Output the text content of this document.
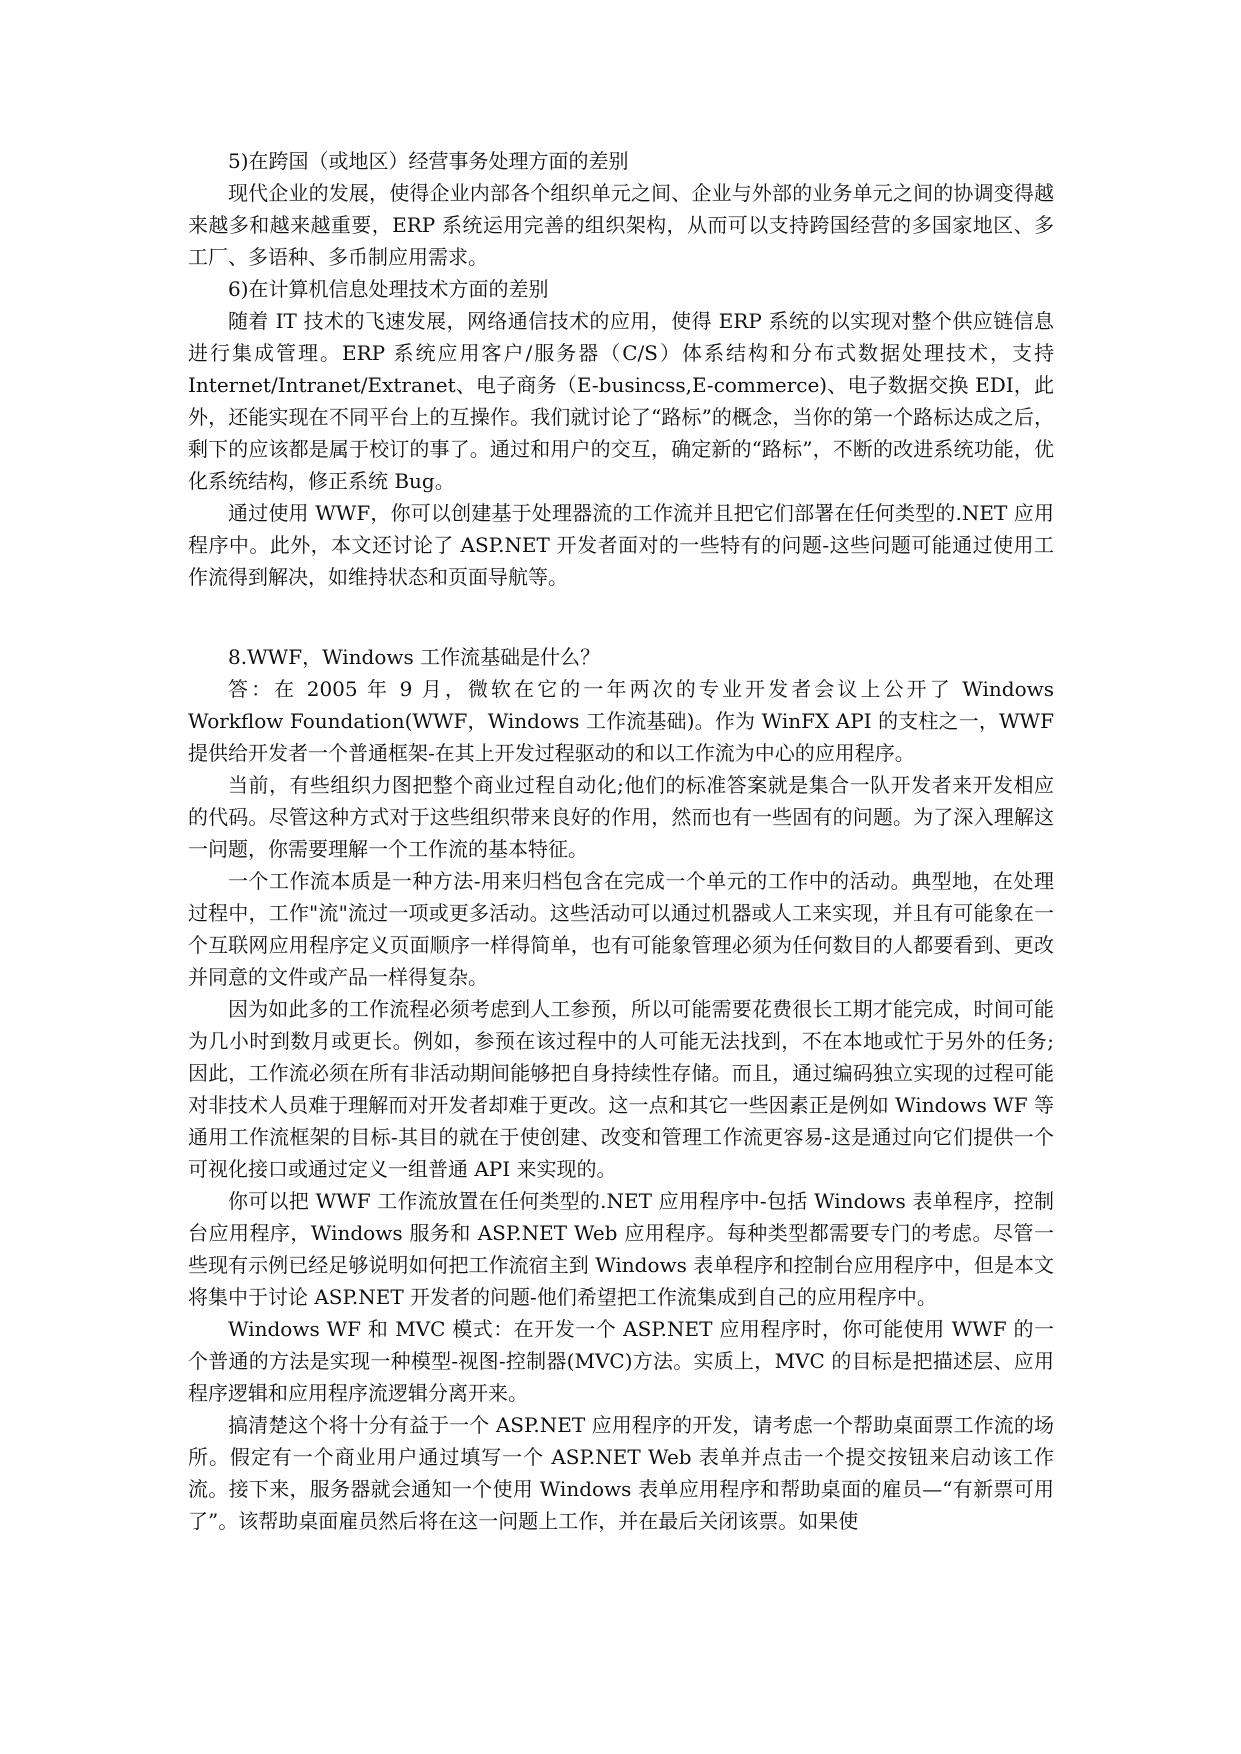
5)在跨国（或地区）经营事务处理方面的差别

现代企业的发展，使得企业内部各个组织单元之间、企业与外部的业务单元之间的协调变得越来越多和越来越重要，ERP 系统运用完善的组织架构，从而可以支持跨国经营的多国家地区、多工厂、多语种、多币制应用需求。

6)在计算机信息处理技术方面的差别

随着 IT 技术的飞速发展，网络通信技术的应用，使得 ERP 系统的以实现对整个供应链信息进行集成管理。ERP 系统应用客户/服务器（C/S）体系结构和分布式数据处理技术，支持 Internet/Intranet/Extranet、电子商务（E-businсss,E-commerce)、电子数据交换 EDI，此外，还能实现在不同平台上的互操作。我们就讨论了“路标”的概念，当你的第一个路标达成之后，剩下的应该都是属于校订的事了。通过和用户的交互，确定新的“路标”，不断的改进系统功能，优化系统结构，修正系统 Bug。

通过使用 WWF，你可以创建基于处理器流的工作流并且把它们部署在任何类型的.NET 应用程序中。此外，本文还讨论了 ASP.NET 开发者面对的一些特有的问题-这些问题可能通过使用工作流得到解决，如维持状态和页面导航等。

8.WWF，Windows 工作流基础是什么？

答：在 2005 年 9 月，微软在它的一年两次的专业开发者会议上公开了 Windows Workflow Foundation(WWF，Windows 工作流基础)。作为 WinFX API 的支柱之一，WWF 提供给开发者一个普通框架-在其上开发过程驱动的和以工作流为中心的应用程序。

当前，有些组织力图把整个商业过程自动化;他们的标准答案就是集合一队开发者来开发相应的代码。尽管这种方式对于这些组织带来良好的作用，然而也有一些固有的问题。为了深入理解这一问题，你需要理解一个工作流的基本特征。

一个工作流本质是一种方法-用来归档包含在完成一个单元的工作中的活动。典型地，在处理过程中，工作"流"流过一项或更多活动。这些活动可以通过机器或人工来实现，并且有可能象在一个互联网应用程序定义页面顺序一样得简单，也有可能象管理必须为任何数目的人都要看到、更改并同意的文件或产品一样得复杂。

因为如此多的工作流程必须考虑到人工参预，所以可能需要花费很长工期才能完成，时间可能为几小时到数月或更长。例如，参预在该过程中的人可能无法找到，不在本地或忙于另外的任务;因此，工作流必须在所有非活动期间能够把自身持续性存储。而且，通过编码独立实现的过程可能对非技术人员难于理解而对开发者却难于更改。这一点和其它一些因素正是例如 Windows WF 等通用工作流框架的目标-其目的就在于使创建、改变和管理工作流更容易-这是通过向它们提供一个可视化接口或通过定义一组普通 API 来实现的。

你可以把 WWF 工作流放置在任何类型的.NET 应用程序中-包括 Windows 表单程序，控制台应用程序，Windows 服务和 ASP.NET Web 应用程序。每种类型都需要专门的考虑。尽管一些现有示例已经足够说明如何把工作流宿主到 Windows 表单程序和控制台应用程序中，但是本文将集中于讨论 ASP.NET 开发者的问题-他们希望把工作流集成到自己的应用程序中。

Windows WF 和 MVC 模式：在开发一个 ASP.NET 应用程序时，你可能使用 WWF 的一个普通的方法是实现一种模型-视图-控制器(MVC)方法。实质上，MVC 的目标是把描述层、应用程序逻辑和应用程序流逻辑分离开来。

搞清楚这个将十分有益于一个 ASP.NET 应用程序的开发，请考虑一个帮助桌面票工作流的场所。假定有一个商业用户通过填写一个 ASP.NET Web 表单并点击一个提交按钮来启动该工作流。接下来，服务器就会通知一个使用 Windows 表单应用程序和帮助桌面的雇员—“有新票可用了”。该帮助桌面雇员然后将在这一问题上工作，并在最后关闭该票。如果使
